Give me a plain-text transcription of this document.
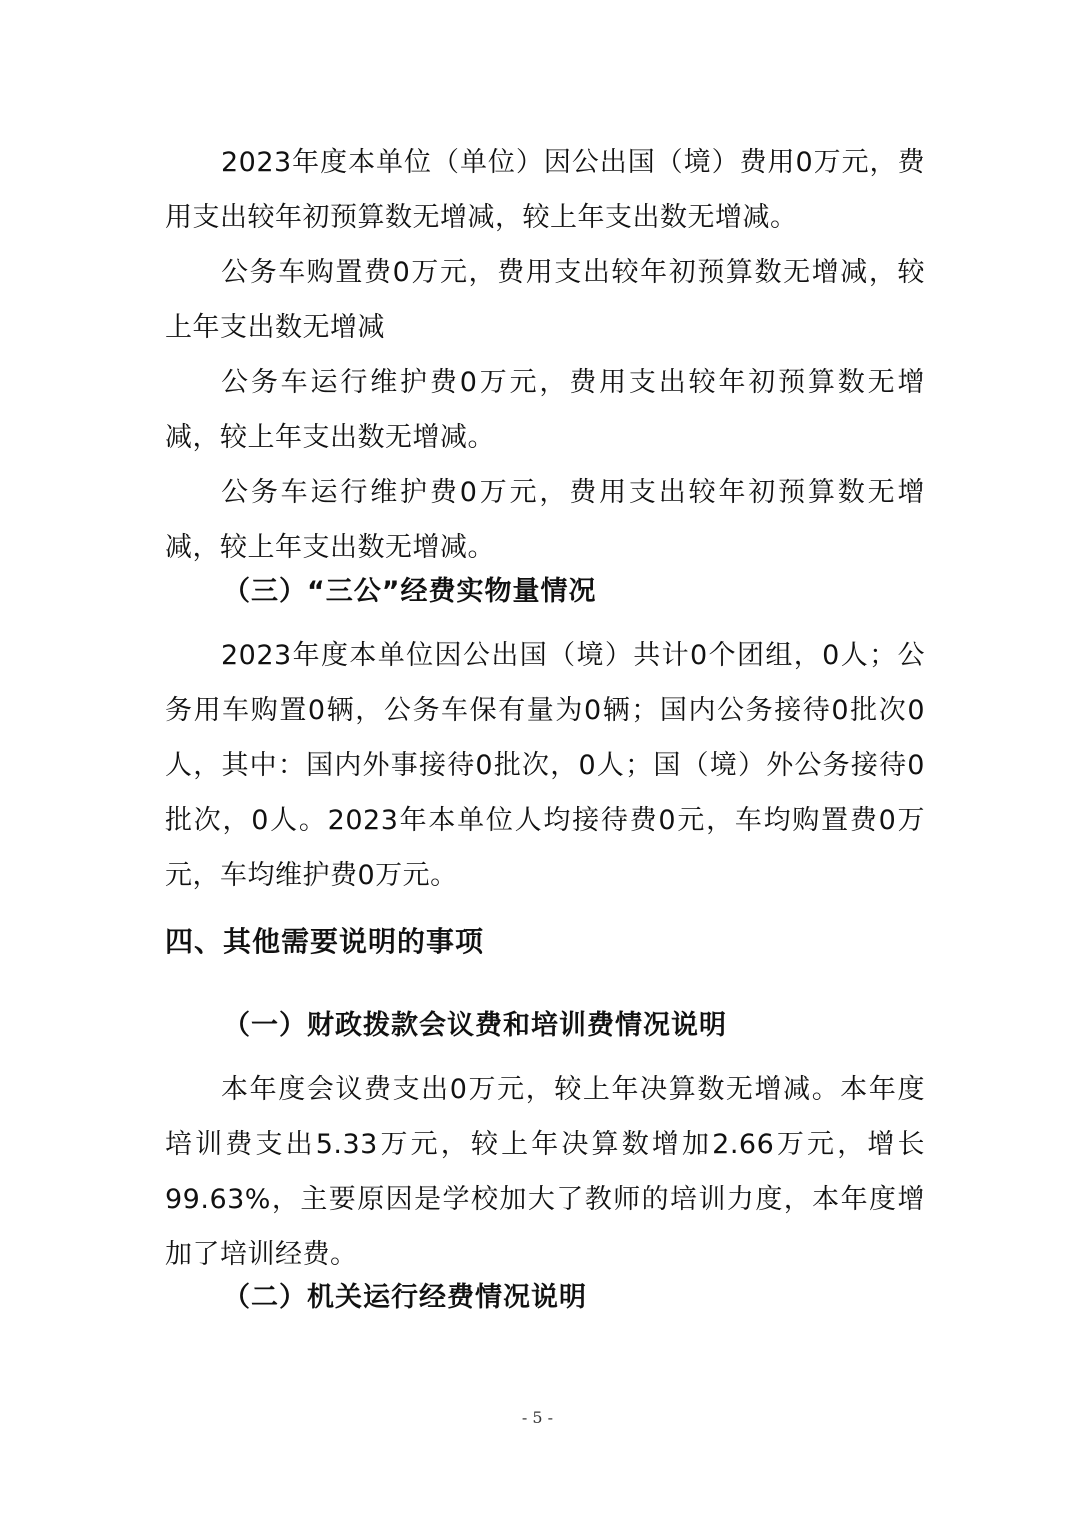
2023年度本单位（单位）因公出国（境）费用0万元，费用支出较年初预算数无增减，较上年支出数无增减。

公务车购置费0万元，费用支出较年初预算数无增减，较上年支出数无增减

公务车运行维护费0万元，费用支出较年初预算数无增减，较上年支出数无增减。

公务车运行维护费0万元，费用支出较年初预算数无增减，较上年支出数无增减。

（三）“三公”经费实物量情况

2023年度本单位因公出国（境）共计0个团组，0人；公务用车购置0辆，公务车保有量为0辆；国内公务接待0批次0人，其中：国内外事接待0批次，0人；国（境）外公务接待0批次，0人。2023年本单位人均接待费0元，车均购置费0万元，车均维护费0万元。

四、其他需要说明的事项
（一）财政拨款会议费和培训费情况说明

本年度会议费支出0万元，较上年决算数无增减。本年度培训费支出5.33万元，较上年决算数增加2.66万元，增长99.63%，主要原因是学校加大了教师的培训力度，本年度增加了培训经费。

（二）机关运行经费情况说明
- 5 -
